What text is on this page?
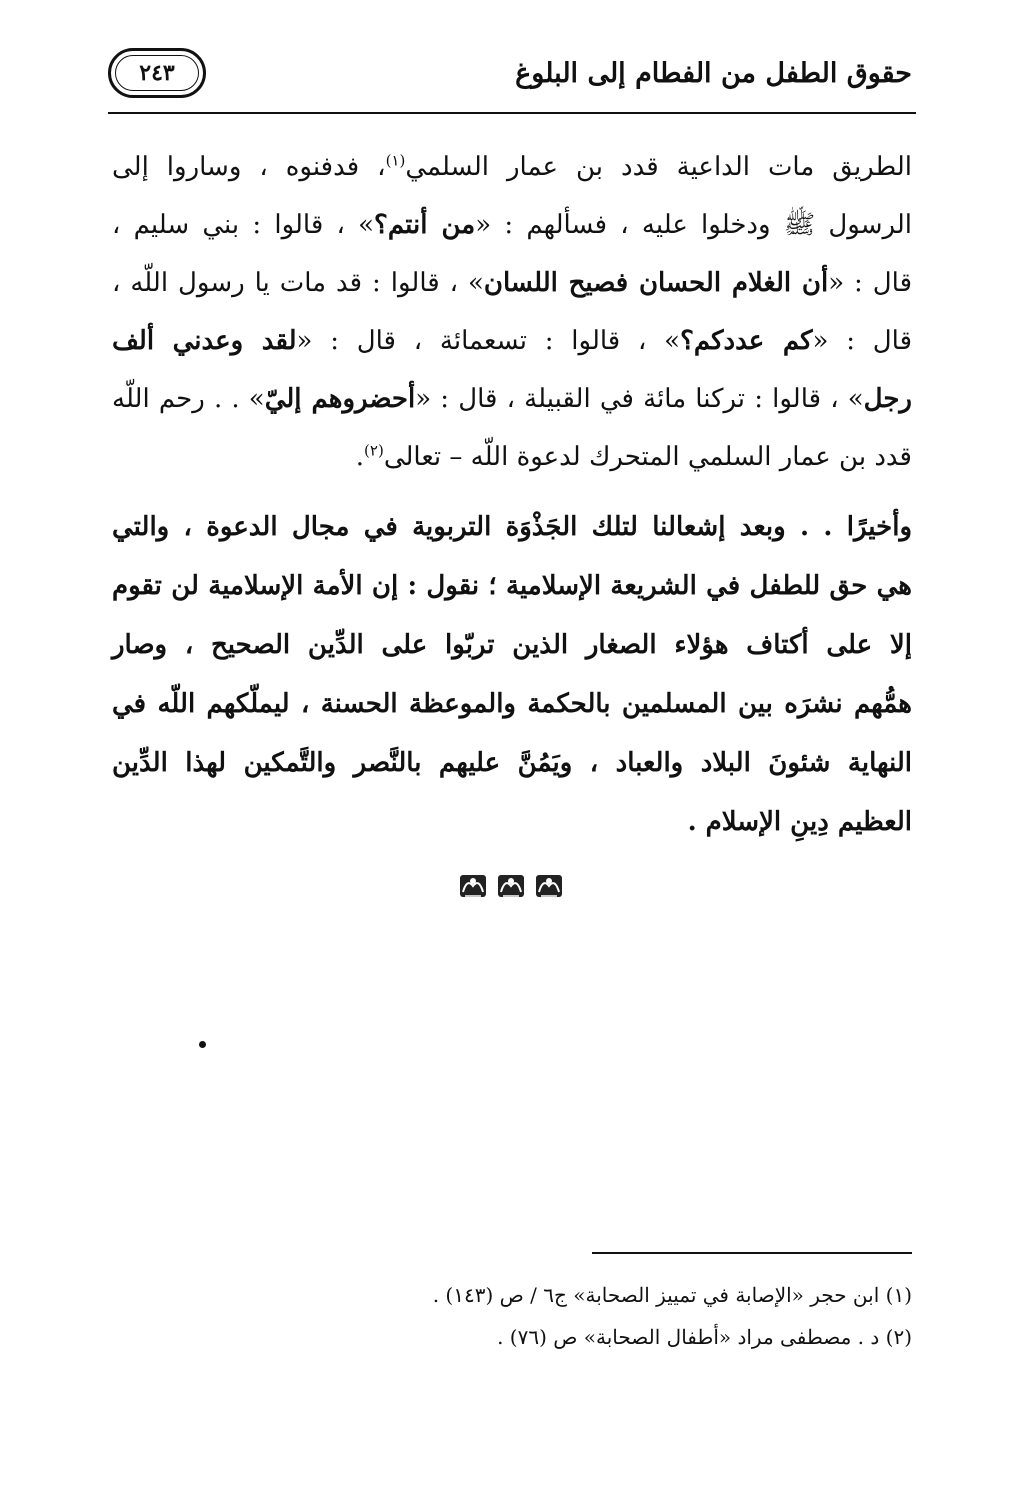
حقوق الطفل من الفطام إلى البلوغ
٢٤٣
الطريق مات الداعية قدد بن عمار السلمي$^{(١)}$، فدفنوه ، وساروا إلى
الرسول ﷺ ودخلوا عليه ، فسألهم : «من أنتم؟» ، قالوا : بني سليم ،
قال : «أن الغلام الحسان فصيح اللسان» ، قالوا : قد مات يا رسول اللّه ،
قال : «كم عددكم؟» ، قالوا : تسعمائة ، قال : «لقد وعدني ألف
رجل» ، قالوا : تركنا مائة في القبيلة ، قال : «أحضروهم إليّ» . . رحم اللّه
قدد بن عمار السلمي المتحرك لدعوة اللّه – تعالى$^{(٢)}$.
وأخيرًا . . وبعد إشعالنا لتلك الجَذْوَة التربوية في مجال الدعوة ، والتي
هي حق للطفل في الشريعة الإسلامية ؛ نقول : إن الأمة الإسلامية لن تقوم
إلا على أكتاف هؤلاء الصغار الذين تربّوا على الدِّين الصحيح ، وصار
همُّهم نشرَه بين المسلمين بالحكمة والموعظة الحسنة ، ليملّكهم اللّه في
النهاية شئونَ البلاد والعباد ، ويَمُنَّ عليهم بالنَّصر والتَّمكين لهذا الدِّين
العظيم دِينِ الإسلام .
(١) ابن حجر «الإصابة في تمييز الصحابة» ج٦ / ص (١٤٣) .
(٢) د . مصطفى مراد «أطفال الصحابة» ص (٧٦) .
